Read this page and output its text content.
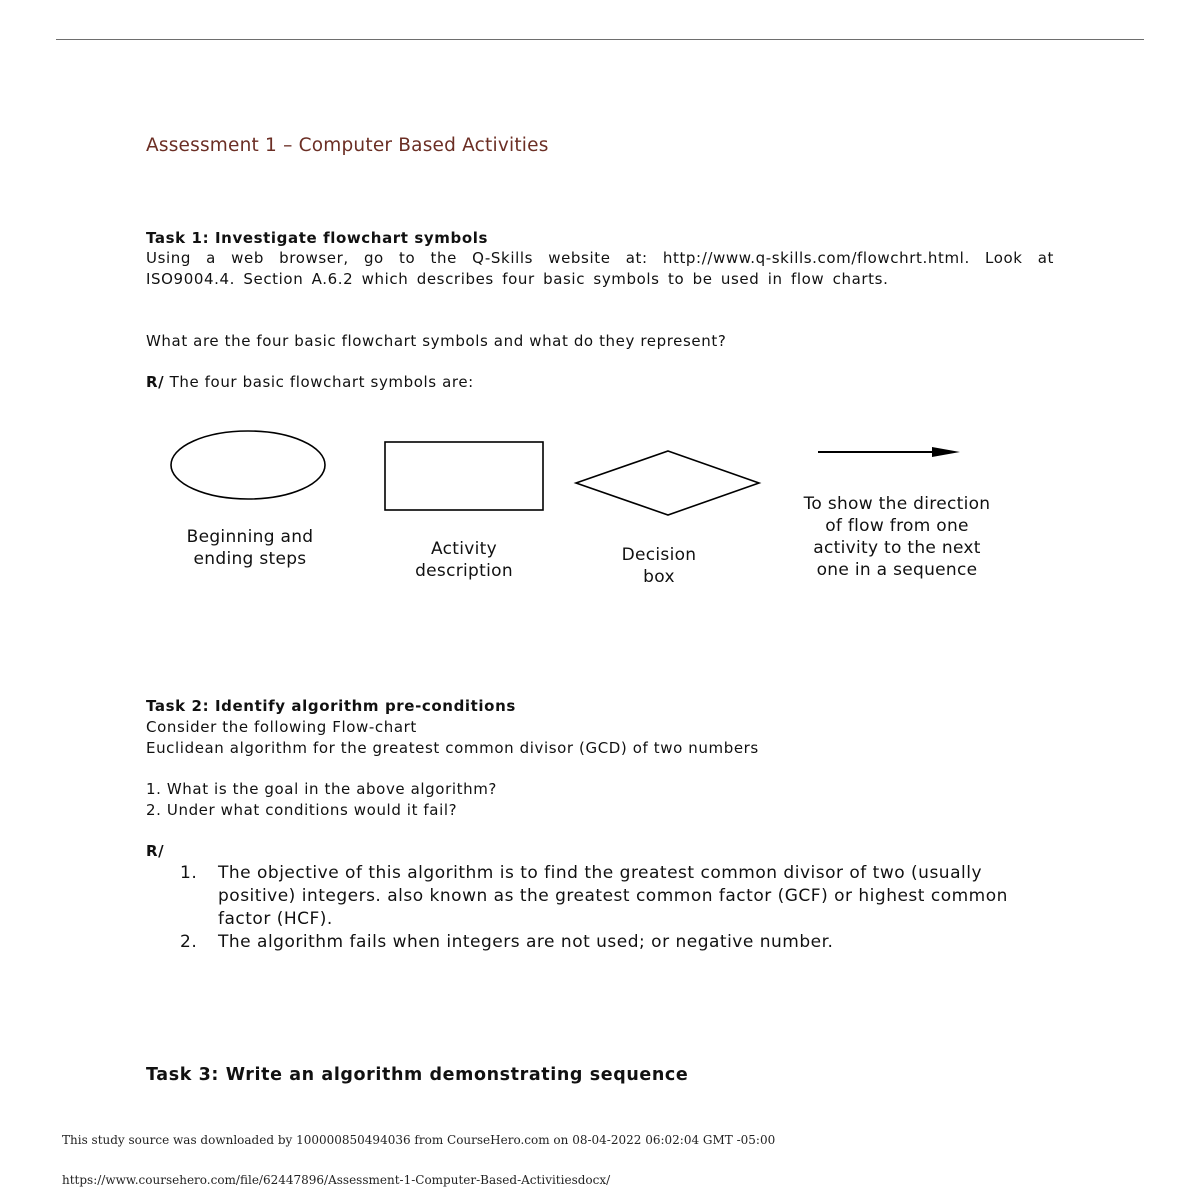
Assessment 1 – Computer Based Activities
Task 1: Investigate flowchart symbols
Using a web browser, go to the Q-Skills website at: http://www.q-skills.com/flowchrt.html. Look at ISO9004.4. Section A.6.2 which describes four basic symbols to be used in flow charts.
What are the four basic flowchart symbols and what do they represent?
R/ The four basic flowchart symbols are:
Beginning and
ending steps	Activity
description
Decision
box
To show the direction
of flow from one
activity to the next
one in a sequence
Task 2: Identify algorithm pre-conditions
Consider the following Flow-chart
Euclidean algorithm for the greatest common divisor (GCD) of two numbers
1. What is the goal in the above algorithm?
2. Under what conditions would it fail?
R/
1. The objective of this algorithm is to find the greatest common divisor of two (usually positive) integers. also known as the greatest common factor (GCF) or highest common factor (HCF).
2. The algorithm fails when integers are not used; or negative number.
Task 3: Write an algorithm demonstrating sequence
This study source was downloaded by 100000850494036 from CourseHero.com on 08-04-2022 06:02:04 GMT -05:00
https://www.coursehero.com/file/62447896/Assessment-1-Computer-Based-Activitiesdocx/
